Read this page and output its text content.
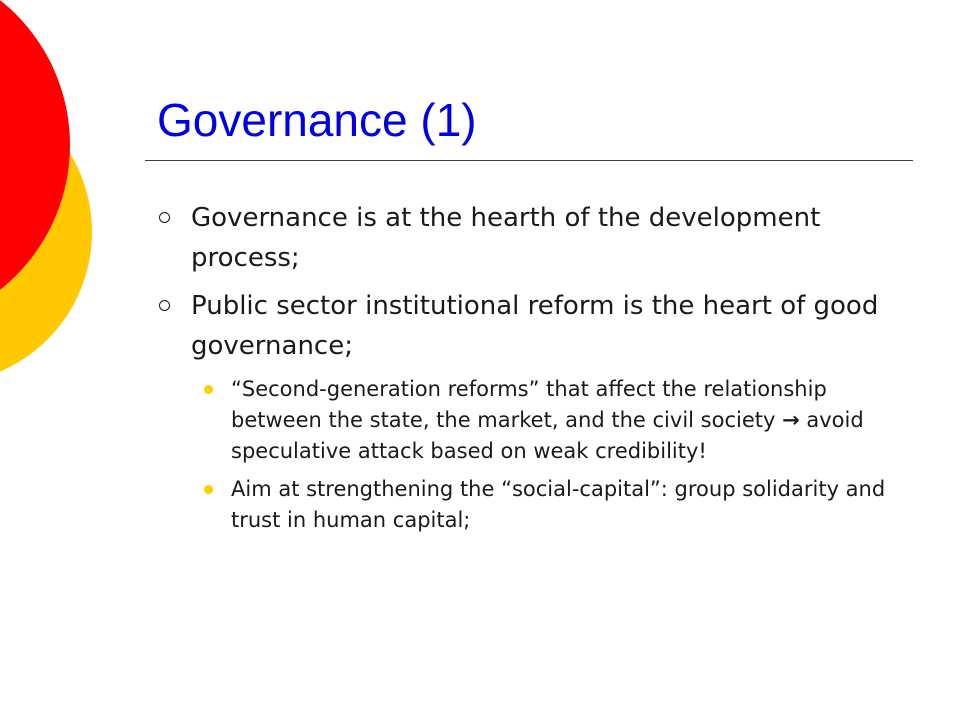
Governance (1)
Governance is at the hearth of the development process;
Public sector institutional reform is the heart of good governance;
“Second-generation reforms” that affect the relationship between the state, the market, and the civil society → avoid speculative attack based on weak credibility!
Aim at strengthening the “social-capital”: group solidarity and trust in human capital;
